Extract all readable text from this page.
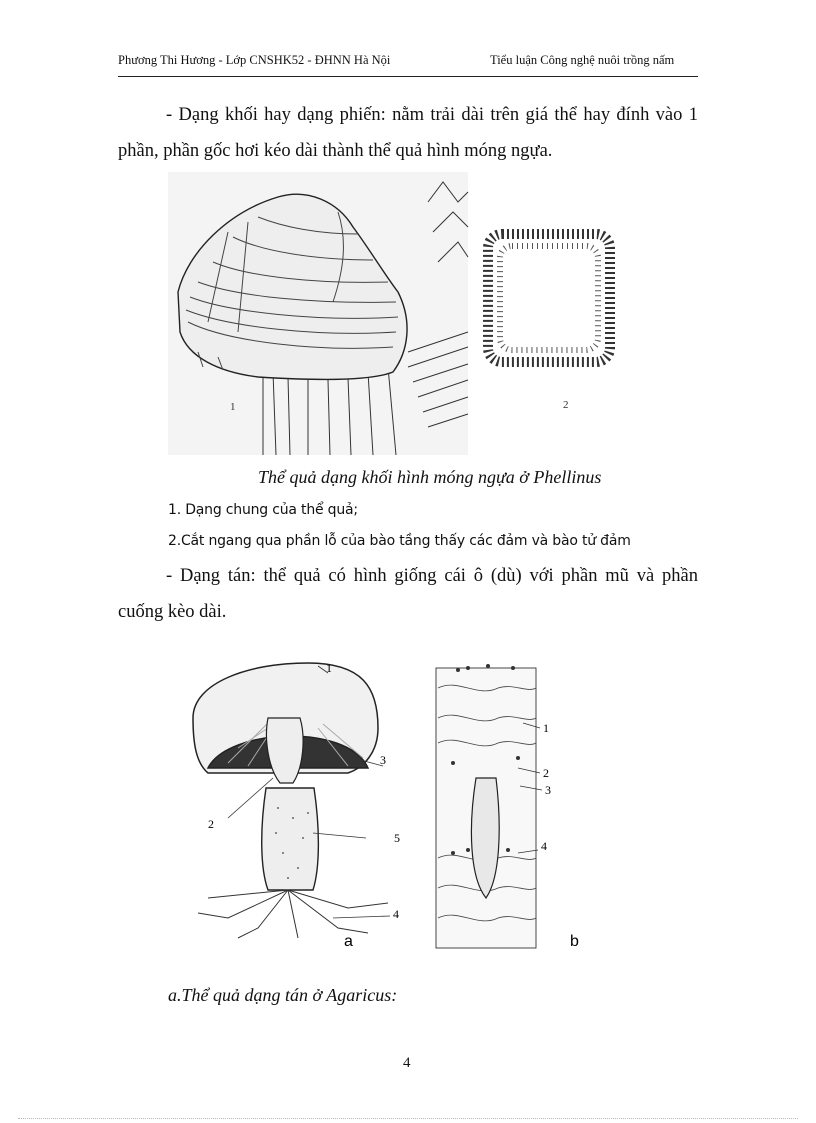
Phương Thi Hương - Lớp CNSHK52 - ĐHNN Hà Nội	Tiểu luận Công nghệ nuôi trồng nấm
- Dạng khối hay dạng phiến: nằm trải dài trên giá thể hay đính vào 1 phần, phần gốc hơi kéo dài thành thể quả hình móng ngựa.
1	2
Thể quả dạng khối hình móng ngựa ở Phellinus
1. Dạng chung của thể quả;
2.Cắt ngang qua phần lỗ của bào tầng thấy các đảm và bào tử đảm
- Dạng tán: thể quả có hình giống cái ô (dù) với phần mũ và phần cuống kèo dài.
1
2
3
4
5
a
1
2
3
4
b
a.Thể quả dạng tán ở Agaricus:
4
